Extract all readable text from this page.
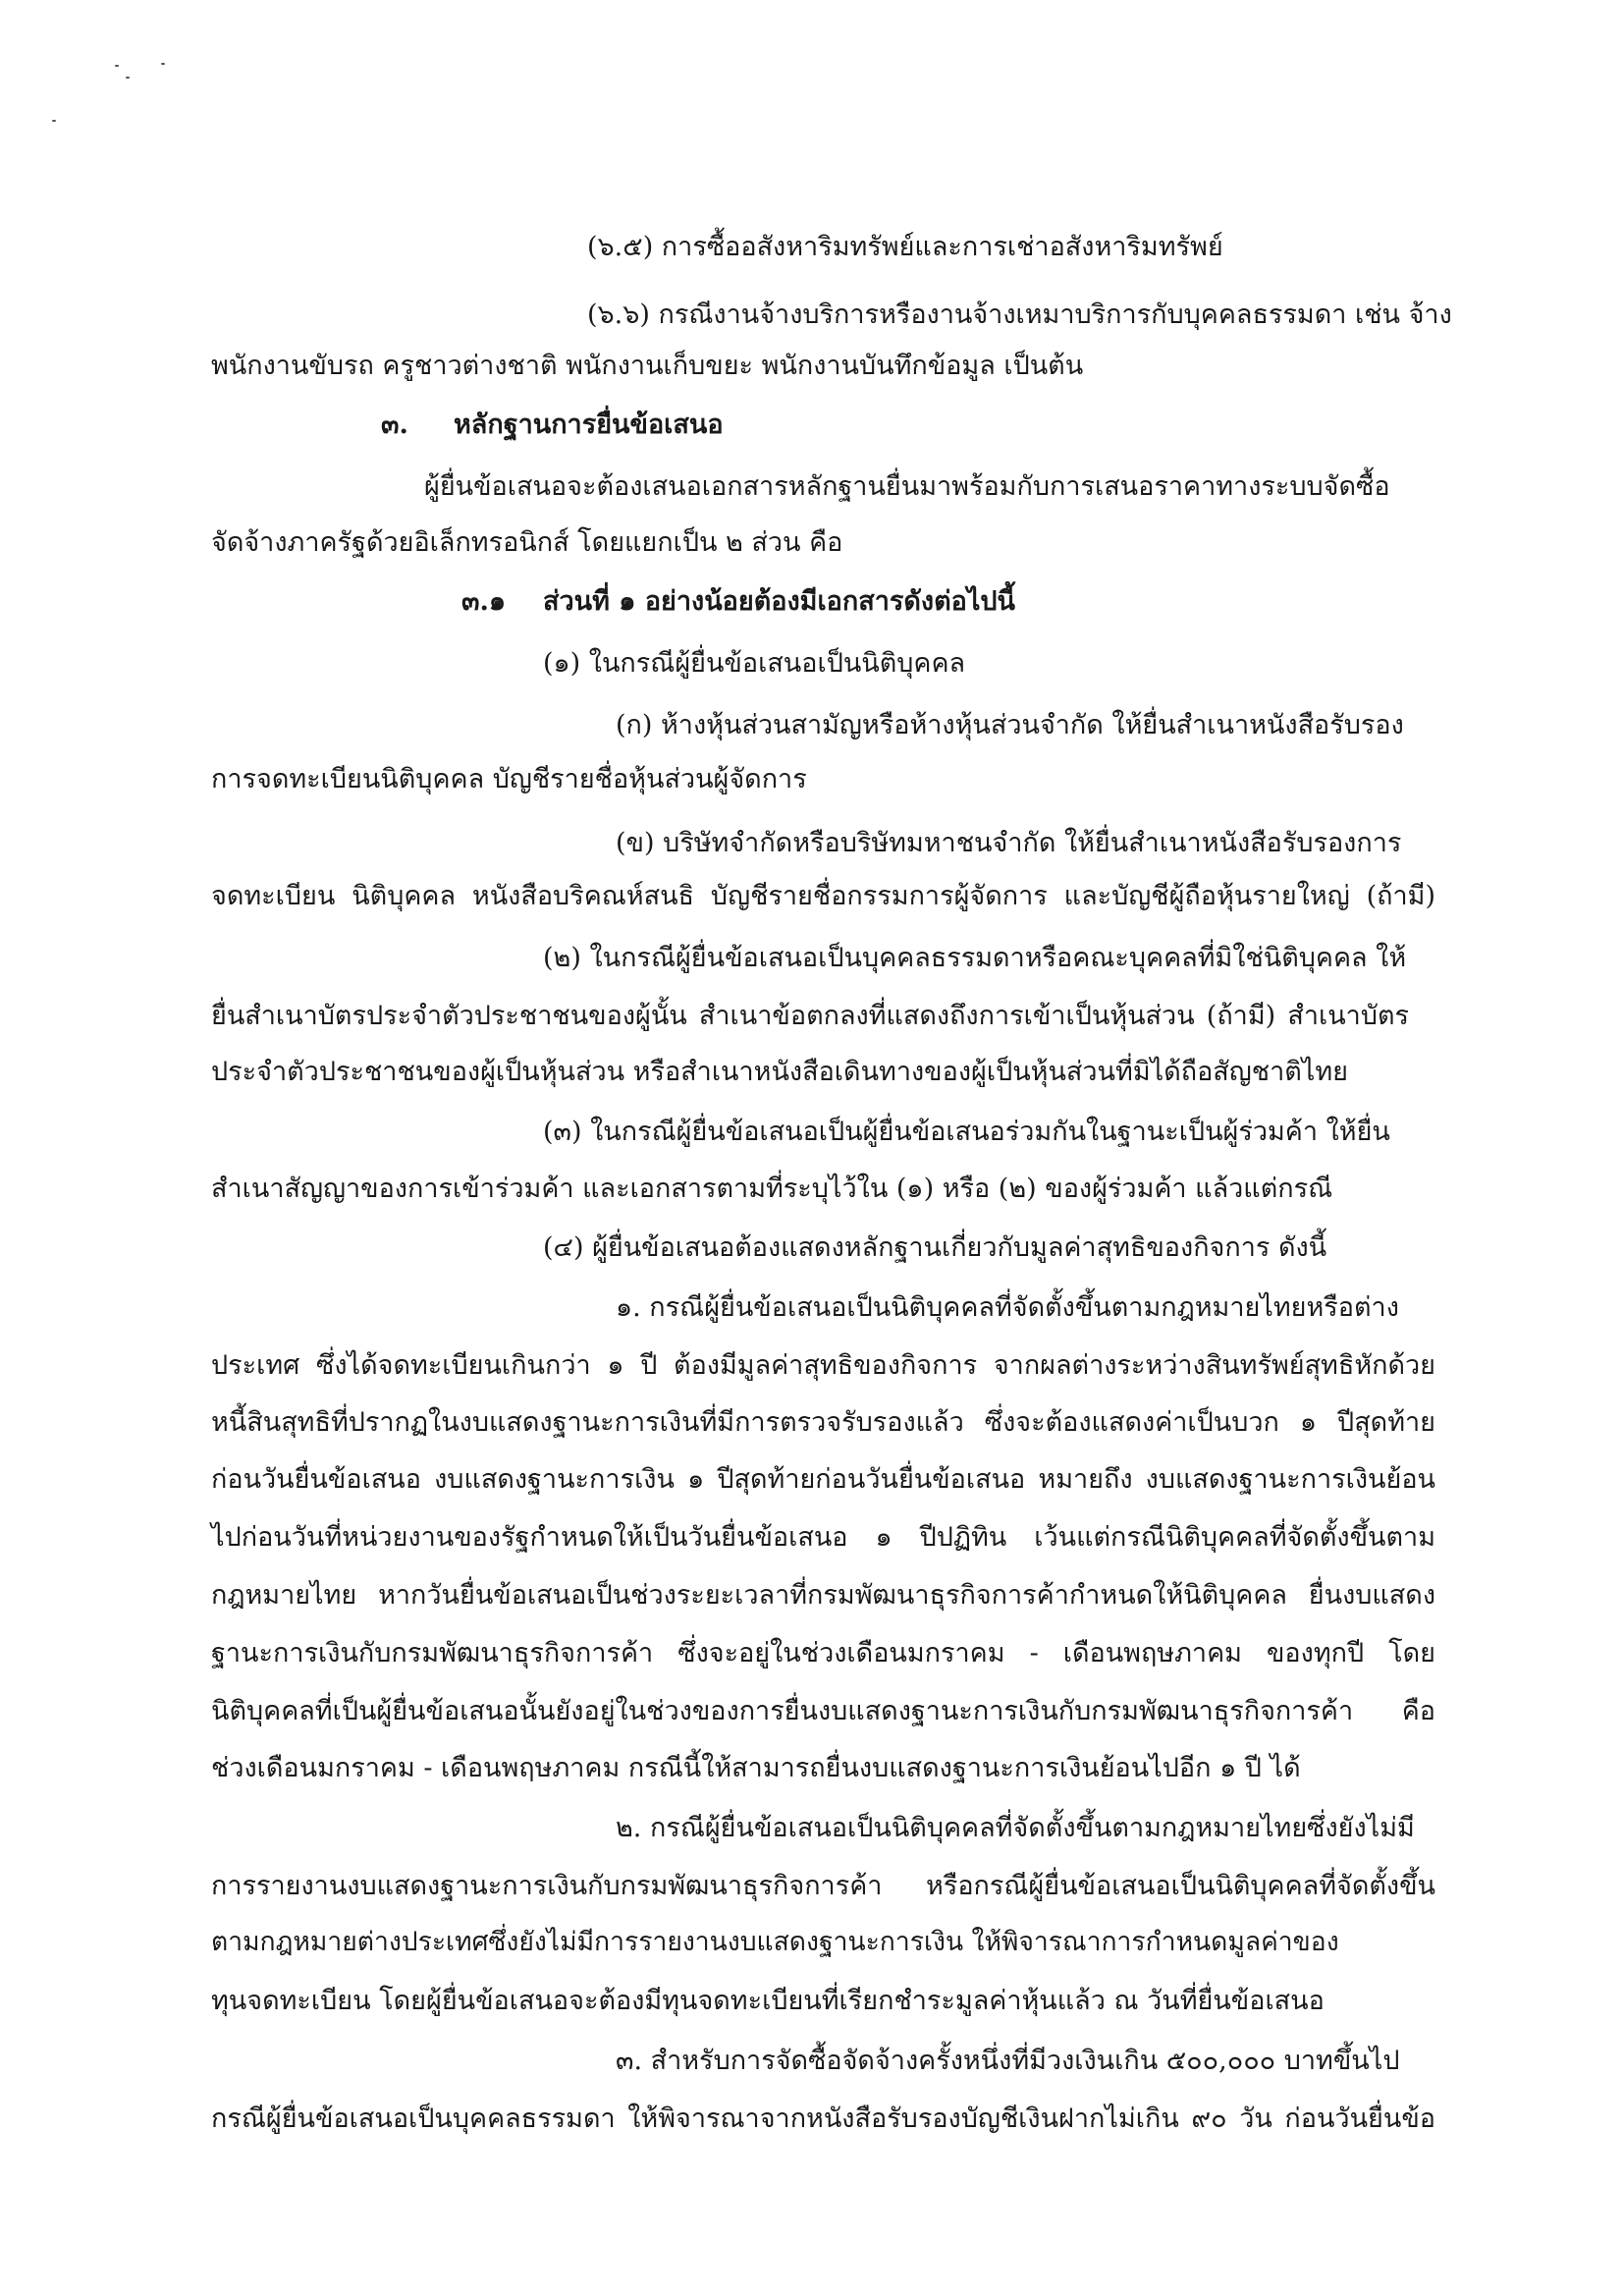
(๖.๕) การซื้ออสังหาริมทรัพย์และการเช่าอสังหาริมทรัพย์
(๖.๖) กรณีงานจ้างบริการหรืองานจ้างเหมาบริการกับบุคคลธรรมดา เช่น จ้าง
พนักงานขับรถ ครูชาวต่างชาติ พนักงานเก็บขยะ พนักงานบันทึกข้อมูล เป็นต้น
๓. หลักฐานการยื่นข้อเสนอ
ผู้ยื่นข้อเสนอจะต้องเสนอเอกสารหลักฐานยื่นมาพร้อมกับการเสนอราคาทางระบบจัดซื้อ
จัดจ้างภาครัฐด้วยอิเล็กทรอนิกส์ โดยแยกเป็น ๒ ส่วน คือ
๓.๑ ส่วนที่ ๑ อย่างน้อยต้องมีเอกสารดังต่อไปนี้
(๑) ในกรณีผู้ยื่นข้อเสนอเป็นนิติบุคคล
(ก) ห้างหุ้นส่วนสามัญหรือห้างหุ้นส่วนจำกัด ให้ยื่นสำเนาหนังสือรับรอง
การจดทะเบียนนิติบุคคล บัญชีรายชื่อหุ้นส่วนผู้จัดการ
(ข) บริษัทจำกัดหรือบริษัทมหาชนจำกัด ให้ยื่นสำเนาหนังสือรับรองการ
จดทะเบียน นิติบุคคล หนังสือบริคณห์สนธิ บัญชีรายชื่อกรรมการผู้จัดการ และบัญชีผู้ถือหุ้นรายใหญ่ (ถ้ามี)
(๒) ในกรณีผู้ยื่นข้อเสนอเป็นบุคคลธรรมดาหรือคณะบุคคลที่มิใช่นิติบุคคล ให้
ยื่นสำเนาบัตรประจำตัวประชาชนของผู้นั้น สำเนาข้อตกลงที่แสดงถึงการเข้าเป็นหุ้นส่วน (ถ้ามี) สำเนาบัตร
ประจำตัวประชาชนของผู้เป็นหุ้นส่วน หรือสำเนาหนังสือเดินทางของผู้เป็นหุ้นส่วนที่มิได้ถือสัญชาติไทย
(๓) ในกรณีผู้ยื่นข้อเสนอเป็นผู้ยื่นข้อเสนอร่วมกันในฐานะเป็นผู้ร่วมค้า ให้ยื่น
สำเนาสัญญาของการเข้าร่วมค้า และเอกสารตามที่ระบุไว้ใน (๑) หรือ (๒) ของผู้ร่วมค้า แล้วแต่กรณี
(๔) ผู้ยื่นข้อเสนอต้องแสดงหลักฐานเกี่ยวกับมูลค่าสุทธิของกิจการ ดังนี้
๑. กรณีผู้ยื่นข้อเสนอเป็นนิติบุคคลที่จัดตั้งขึ้นตามกฎหมายไทยหรือต่าง
ประเทศ ซึ่งได้จดทะเบียนเกินกว่า ๑ ปี ต้องมีมูลค่าสุทธิของกิจการ จากผลต่างระหว่างสินทรัพย์สุทธิหักด้วย
หนี้สินสุทธิที่ปรากฏในงบแสดงฐานะการเงินที่มีการตรวจรับรองแล้ว ซึ่งจะต้องแสดงค่าเป็นบวก ๑ ปีสุดท้าย
ก่อนวันยื่นข้อเสนอ งบแสดงฐานะการเงิน ๑ ปีสุดท้ายก่อนวันยื่นข้อเสนอ หมายถึง งบแสดงฐานะการเงินย้อน
ไปก่อนวันที่หน่วยงานของรัฐกำหนดให้เป็นวันยื่นข้อเสนอ ๑ ปีปฏิทิน เว้นแต่กรณีนิติบุคคลที่จัดตั้งขึ้นตาม
กฎหมายไทย หากวันยื่นข้อเสนอเป็นช่วงระยะเวลาที่กรมพัฒนาธุรกิจการค้ากำหนดให้นิติบุคคล ยื่นงบแสดง
ฐานะการเงินกับกรมพัฒนาธุรกิจการค้า ซึ่งจะอยู่ในช่วงเดือนมกราคม - เดือนพฤษภาคม ของทุกปี โดย
นิติบุคคลที่เป็นผู้ยื่นข้อเสนอนั้นยังอยู่ในช่วงของการยื่นงบแสดงฐานะการเงินกับกรมพัฒนาธุรกิจการค้า คือ
ช่วงเดือนมกราคม - เดือนพฤษภาคม กรณีนี้ให้สามารถยื่นงบแสดงฐานะการเงินย้อนไปอีก ๑ ปี ได้
๒. กรณีผู้ยื่นข้อเสนอเป็นนิติบุคคลที่จัดตั้งขึ้นตามกฎหมายไทยซึ่งยังไม่มี
การรายงานงบแสดงฐานะการเงินกับกรมพัฒนาธุรกิจการค้า หรือกรณีผู้ยื่นข้อเสนอเป็นนิติบุคคลที่จัดตั้งขึ้น
ตามกฎหมายต่างประเทศซึ่งยังไม่มีการรายงานงบแสดงฐานะการเงิน ให้พิจารณาการกำหนดมูลค่าของ
ทุนจดทะเบียน โดยผู้ยื่นข้อเสนอจะต้องมีทุนจดทะเบียนที่เรียกชำระมูลค่าหุ้นแล้ว ณ วันที่ยื่นข้อเสนอ
๓. สำหรับการจัดซื้อจัดจ้างครั้งหนึ่งที่มีวงเงินเกิน ๕๐๐,๐๐๐ บาทขึ้นไป
กรณีผู้ยื่นข้อเสนอเป็นบุคคลธรรมดา ให้พิจารณาจากหนังสือรับรองบัญชีเงินฝากไม่เกิน ๙๐ วัน ก่อนวันยื่นข้อ
